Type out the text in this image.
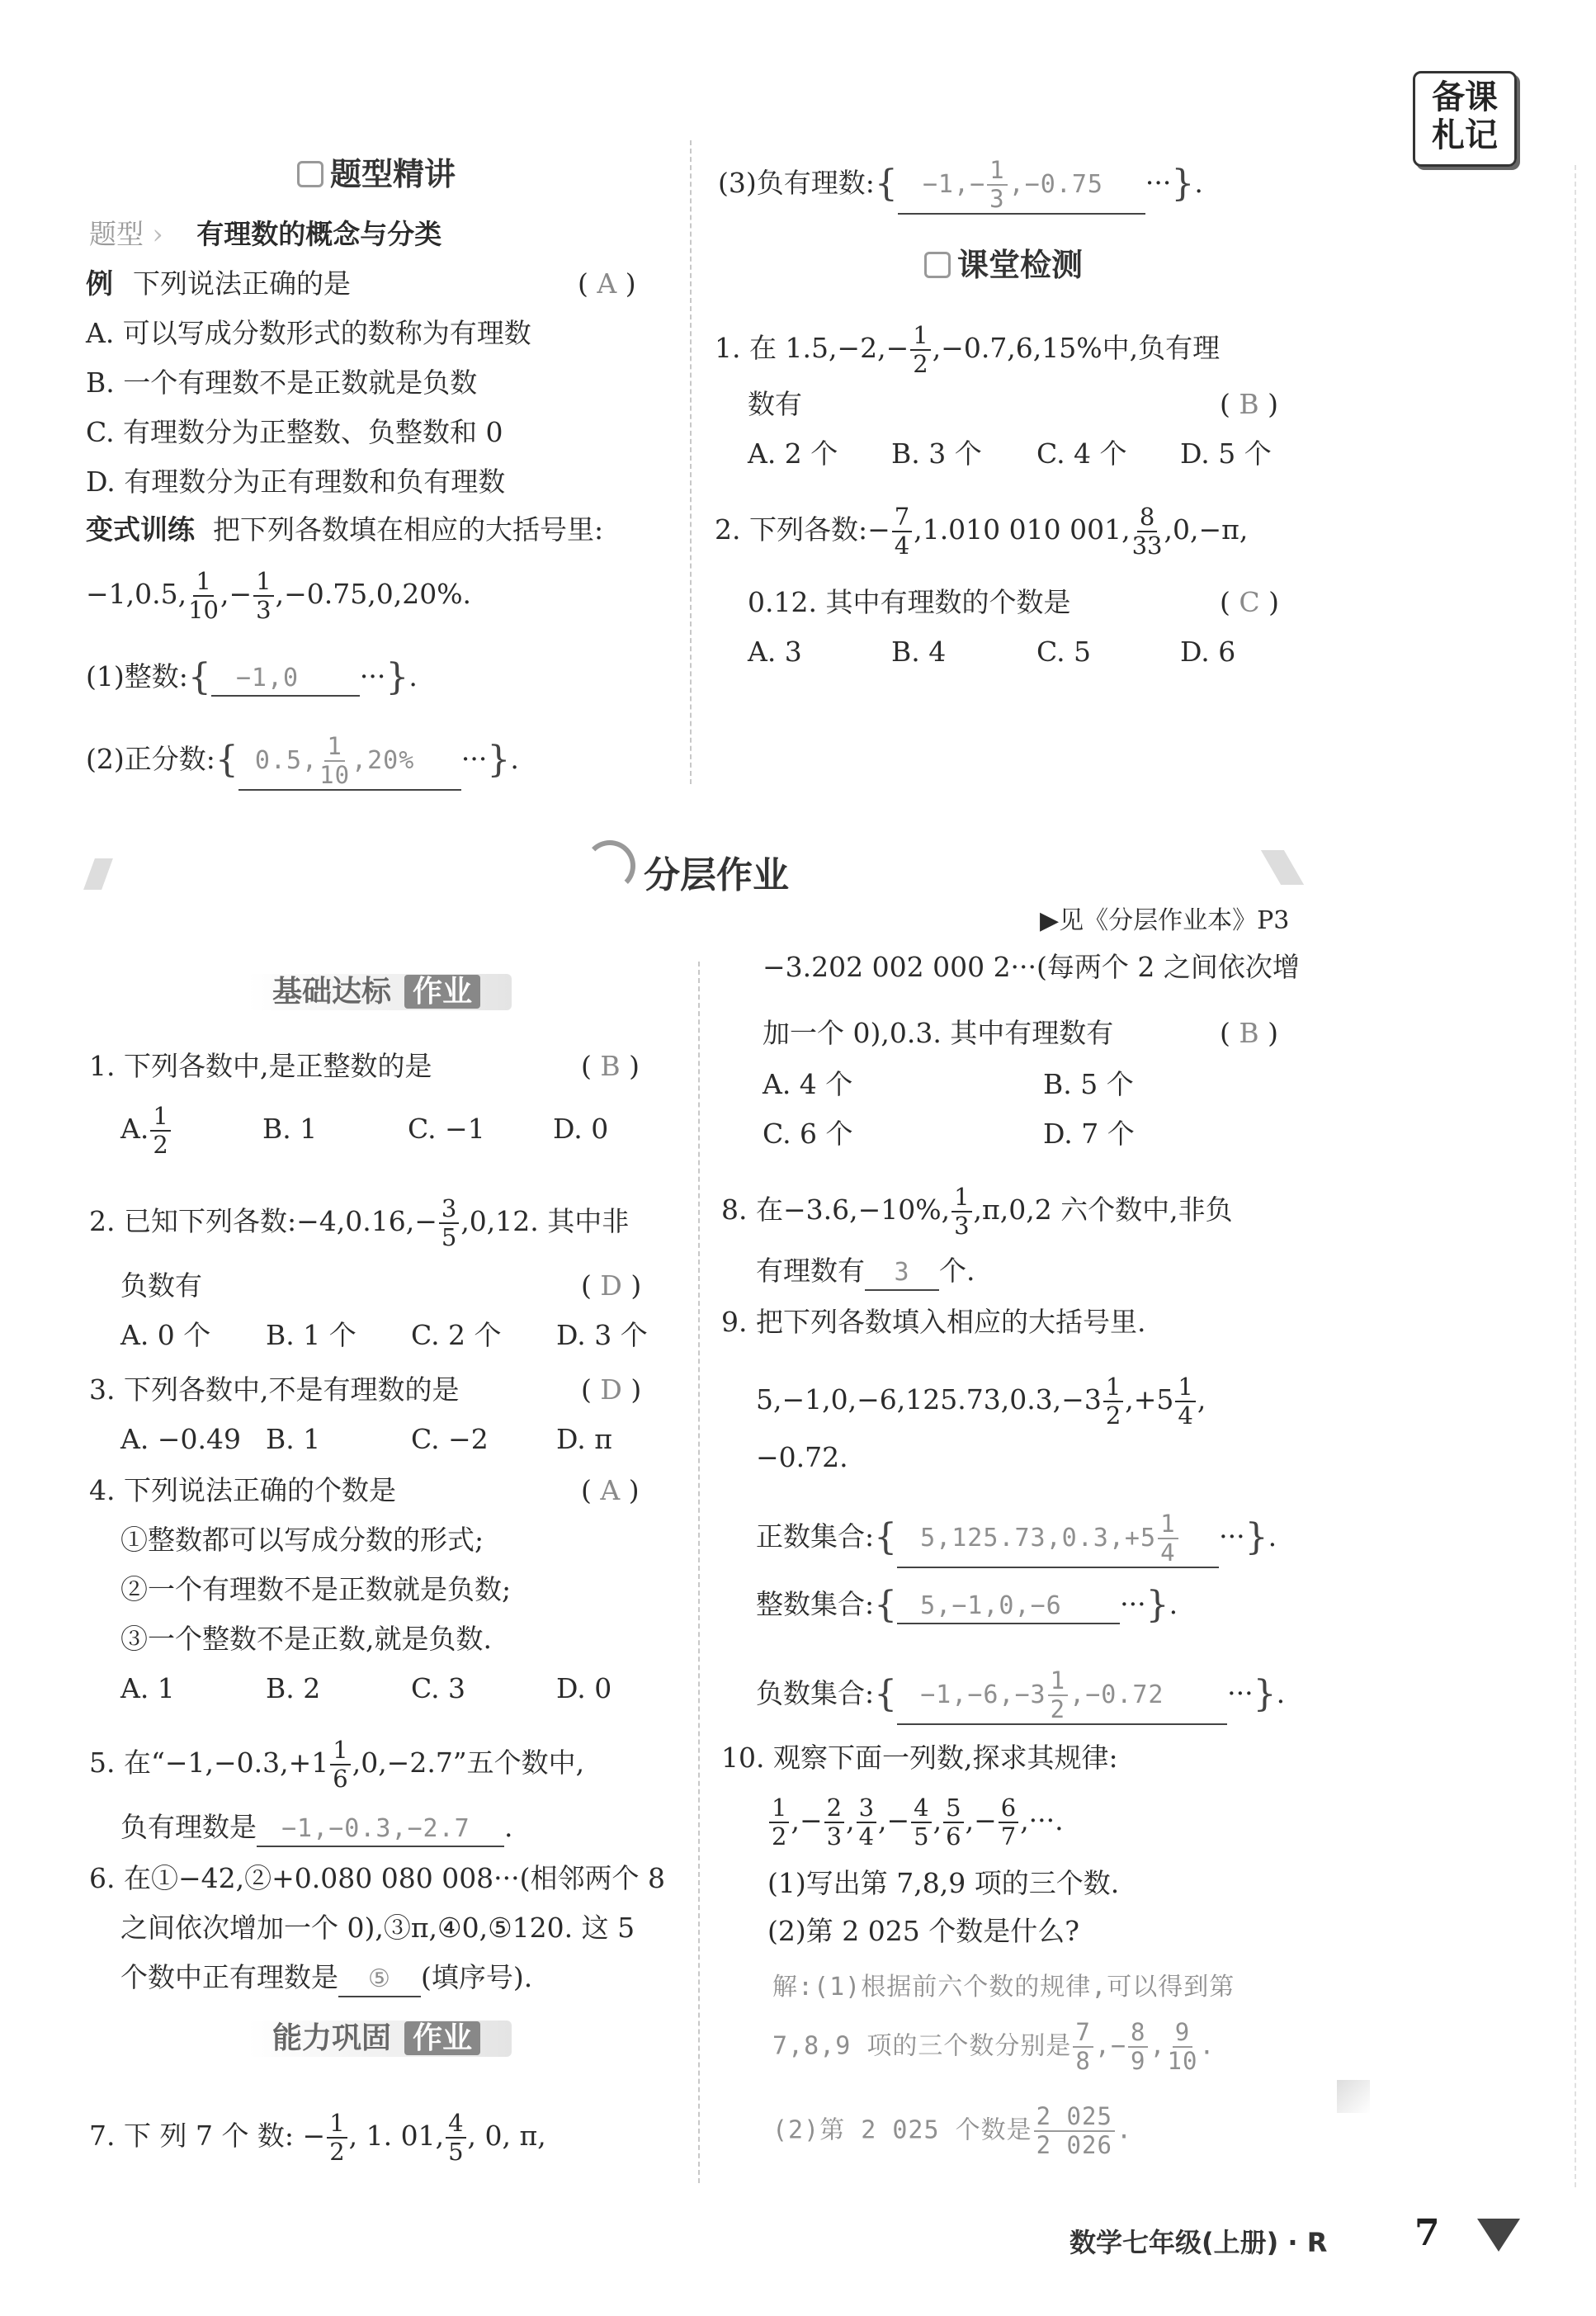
备课札记
题型精讲
题型 › 有理数的概念与分类
例 下列说法正确的是	( A )
A. 可以写成分数形式的数称为有理数
B. 一个有理数不是正数就是负数
C. 有理数分为正整数、负整数和 0
D. 有理数分为正有理数和负有理数
变式训练 把下列各数填在相应的大括号里:
−1,0.5, $\frac{1}{10}$ ,− $\frac{1}{3} ,-0.75,0,20\%$.
(1)整数:{ −1,0 ···}.
(2)正分数:{ 0.5, $\frac{1}{10} ,20\%$ ···}.
(3)负有理数:{ $-1,- \frac{1}{3} ,-0.75$ ···}.
课堂检测
1. 在 $1.5,-2,- \frac{1}{2} ,-0.7,6,15\%$中,负有理
数有	( B )
A. 2 个 B. 3 个 C. 4 个 D. 5 个
2. 下列各数:− $\frac{7}{4} ,1.010$ 010 001, $\frac{8}{33} ,0,-\pi$,
0.12. 其中有理数的个数是	( C )
A. 3	B. 4	C. 5	D. 6
分层作业
▶见《分层作业本》P3
基础达标 作业
1. 下列各数中,是正整数的是	( B )
A. $\frac{1}{2}$	B. 1	C. −1 D. 0
2. 已知下列各数:−4,0.16,− $\frac{3}{5} ,0,12$. 其中非
负数有	( D )
A. 0 个 B. 1 个 C. 2 个 D. 3 个
3. 下列各数中,不是有理数的是	( D )
A. −0.49 B. 1	C. −2 D. π
4. 下列说法正确的个数是	( A )
①整数都可以写成分数的形式;
②一个有理数不是正数就是负数;
③一个整数不是正数,就是负数.
A. 1	B. 2	C. 3	D. 0
5. 在“$-1,-0.3,+1 \frac{1}{6} ,0,-2.7$”五个数中,
负有理数是 −1,−0.3,−2.7 .
6. 在①−42,②+0.080 080 008···(相邻两个 8
之间依次增加一个 0),③π,④0,⑤120. 这 5
个数中正有理数是 ⑤ (填序号).
能力巩固 作业
7. 下 列 7 个 数: − $\frac{1}{2}$ , 1. 01, $\frac{4}{5}$ , 0, π,
−3.202 002 000 2···(每两个 2 之间依次增
加一个 0),0.3. 其中有理数有	( B )
A. 4 个	B. 5 个
C. 6 个	D. 7 个
8. 在−3.6,−10%, $\frac{1}{3} ,\pi,0,2$ 六个数中,非负
有理数有 3 个.
9. 把下列各数填入相应的大括号里.
$5,-1,0,-6,125.73,0.3,-3 \frac{1}{2} ,+5 \frac{1}{4}$ ,
−0.72.
正数集合:{ $5,125.73,0.3,+5 \frac{1}{4}$ ···}.
整数集合:{ 5,−1,0,−6 ···}.
负数集合:{ $-1,-6,-3 \frac{1}{2} ,-0.72$ ···}.
10. 观察下面一列数,探求其规律:
$\frac{1}{2}$ ,− $\frac{2}{3}$ , $\frac{3}{4}$ ,− $\frac{4}{5}$ , $\frac{5}{6}$ ,− $\frac{6}{7}$ ,···.
(1)写出第 7,8,9 项的三个数.
(2)第 2 025 个数是什么?
解:(1)根据前六个数的规律,可以得到第
7,8,9 项的三个数分别是 $\frac{7}{8}$ ,− $\frac{8}{9}$ , $\frac{9}{10}$ .
(2)第 2 025 个数是 $\frac{2 025}{2 026}$ .
数学七年级(上册) · R 7
